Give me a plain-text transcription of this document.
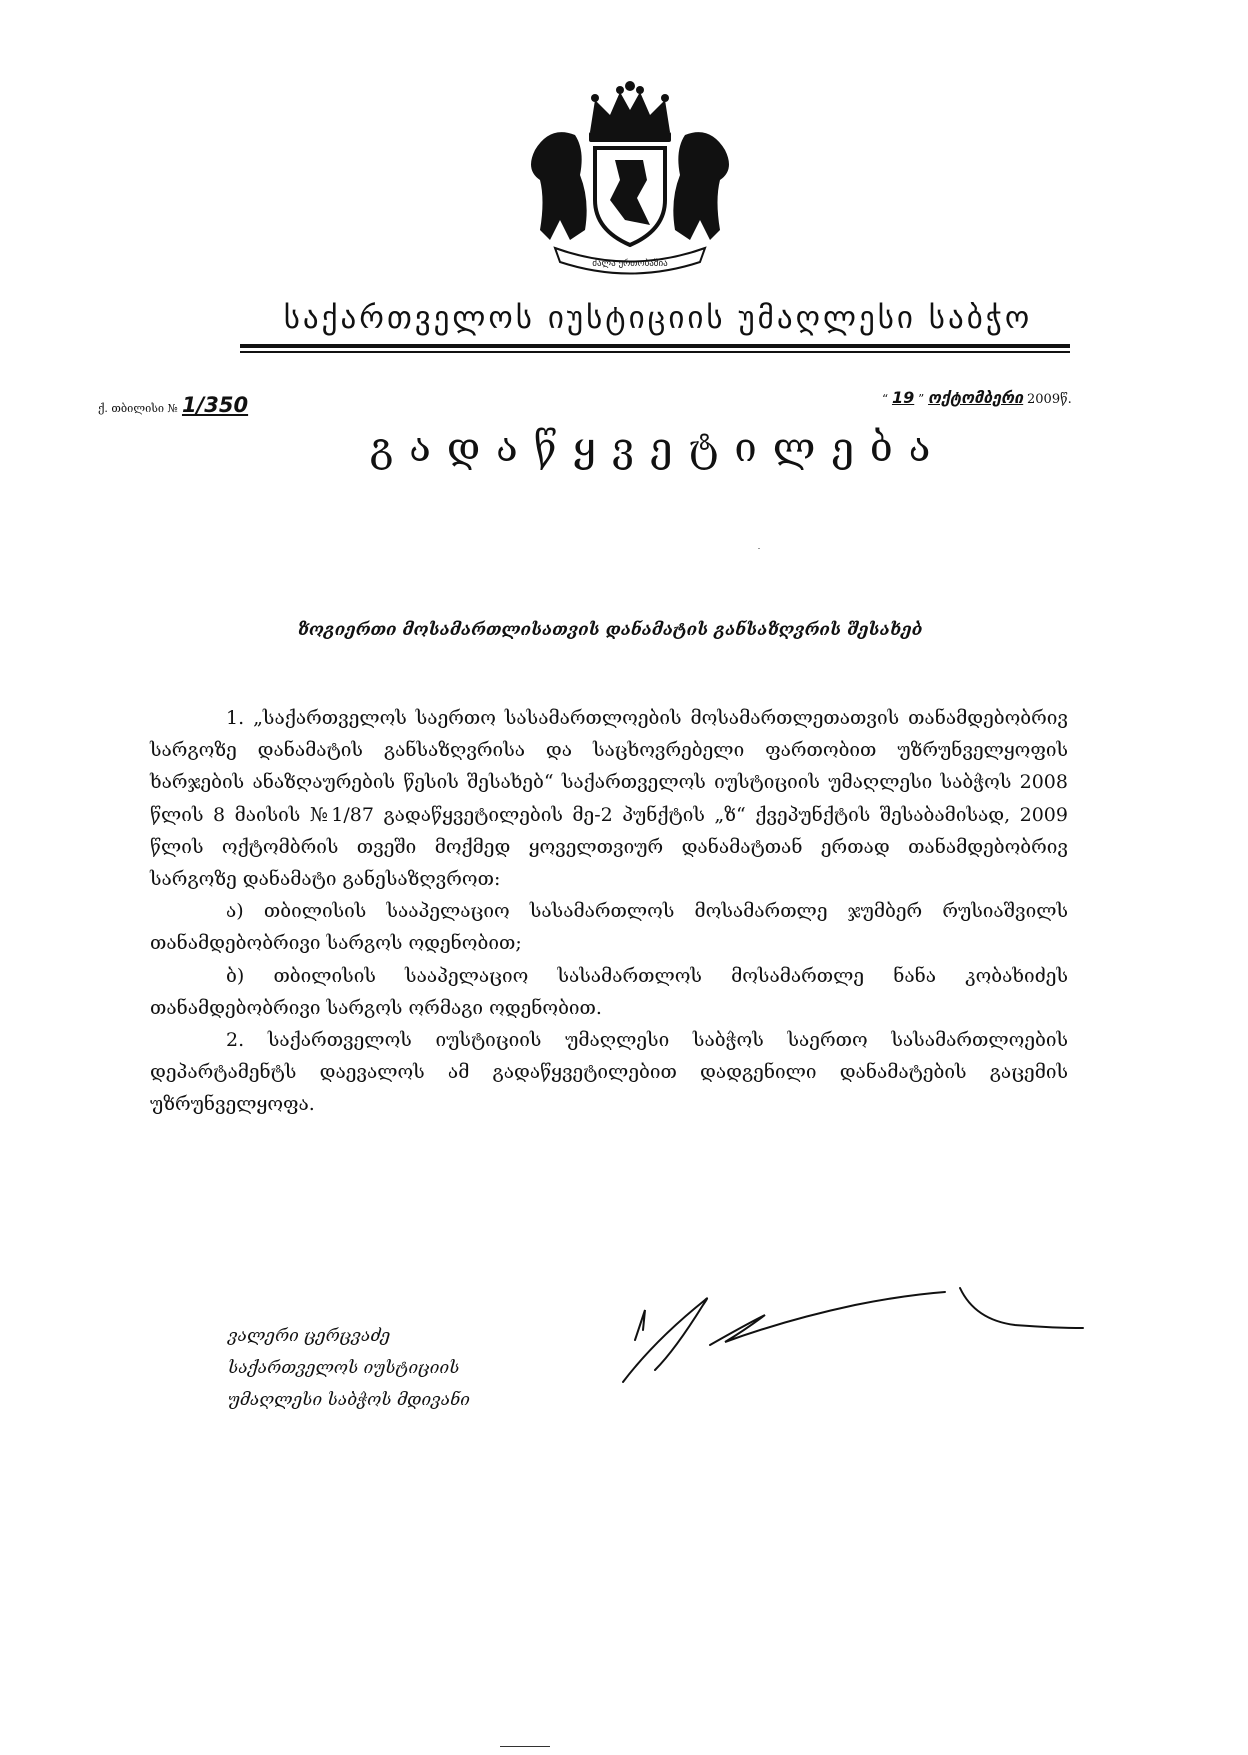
ძალა ერთობაშია
საქართველოს იუსტიციის უმაღლესი საბჭო
ქ. თბილისი № 1/350	“ 19 ” ოქტომბერი 2009წ.
გადაწყვეტილება
ზოგიერთი მოსამართლისათვის დანამატის განსაზღვრის შესახებ

1. „საქართველოს საერთო სასამართლოების მოსამართლეთათვის თანამდებობრივ სარგოზე დანამატის განსაზღვრისა და საცხოვრებელი ფართობით უზრუნველყოფის ხარჯების ანაზღაურების წესის შესახებ“ საქართველოს იუსტიციის უმაღლესი საბჭოს 2008 წლის 8 მაისის №1/87 გადაწყვეტილების მე-2 პუნქტის „ზ“ ქვეპუნქტის შესაბამისად, 2009 წლის ოქტომბრის თვეში მოქმედ ყოველთვიურ დანამატთან ერთად თანამდებობრივ სარგოზე დანამატი განესაზღვროთ:

ა) თბილისის სააპელაციო სასამართლოს მოსამართლე ჯუმბერ რუსიაშვილს თანამდებობრივი სარგოს ოდენობით;

ბ) თბილისის სააპელაციო სასამართლოს მოსამართლე ნანა კობახიძეს თანამდებობრივი სარგოს ორმაგი ოდენობით.

2. საქართველოს იუსტიციის უმაღლესი საბჭოს საერთო სასამართლოების დეპარტამენტს დაევალოს ამ გადაწყვეტილებით დადგენილი დანამატების გაცემის უზრუნველყოფა.

ვალერი ცერცვაძე
საქართველოს იუსტიციის
უმაღლესი საბჭოს მდივანი
